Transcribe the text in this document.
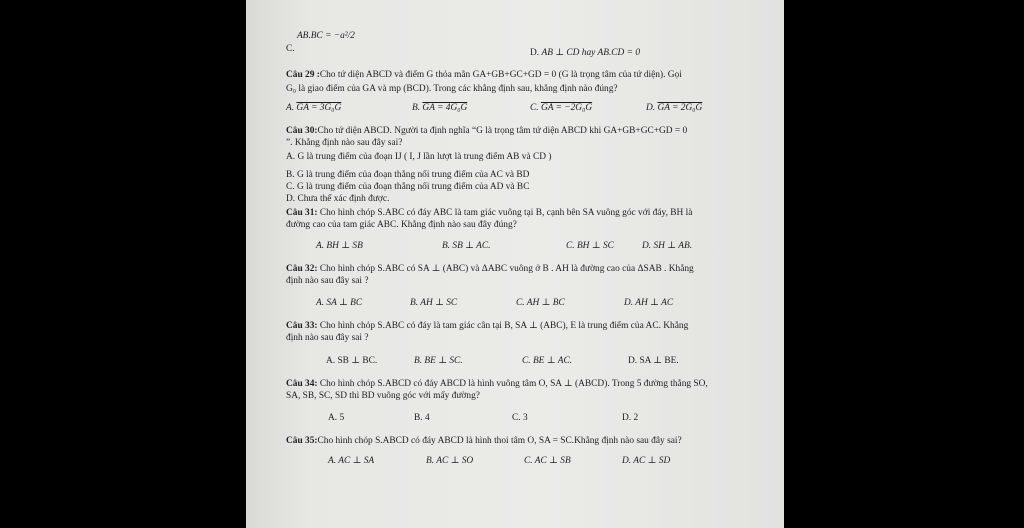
C. AB.BC = −a²/2
D. AB ⊥ CD hay AB.CD = 0
Câu 29 :Cho tứ diện ABCD và điểm G thỏa mãn GA+GB+GC+GD = 0 (G là trọng tâm của tứ diện). Gọi
G₀ là giao điểm của GA và mp (BCD). Trong các khẳng định sau, khẳng định nào đúng?
A. GA = 3G₀G	B. GA = 4G₀G	C. GA = −2G₀G	D. GA = 2G₀G
Câu 30:Cho tứ diện ABCD. Người ta định nghĩa “G là trọng tâm tứ diện ABCD khi GA+GB+GC+GD = 0
”. Khẳng định nào sau đây sai?
A. G là trung điểm của đoạn IJ ( I, J lần lượt là trung điểm AB và CD )
B. G là trung điểm của đoạn thẳng nối trung điểm của AC và BD
C. G là trung điểm của đoạn thẳng nối trung điểm của AD và BC
D. Chưa thể xác định được.
Câu 31: Cho hình chóp S.ABC có đáy ABC là tam giác vuông tại B, cạnh bên SA vuông góc với đáy, BH là
đường cao của tam giác ABC. Khẳng định nào sau đây đúng?
A. BH ⊥ SB	B. SB ⊥ AC.	C. BH ⊥ SC	D. SH ⊥ AB.
Câu 32: Cho hình chóp S.ABC có SA ⊥ (ABC) và ΔABC vuông ở B . AH là đường cao của ΔSAB . Khẳng
định nào sau đây sai ?
A. SA ⊥ BC	B. AH ⊥ SC	C. AH ⊥ BC	D. AH ⊥ AC
Câu 33: Cho hình chóp S.ABC có đáy là tam giác cân tại B, SA ⊥ (ABC), E là trung điểm của AC. Khẳng
định nào sau đây sai ?
A. SB ⊥ BC.	B. BE ⊥ SC.	C. BE ⊥ AC.	D. SA ⊥ BE.
Câu 34: Cho hình chóp S.ABCD có đáy ABCD là hình vuông tâm O, SA ⊥ (ABCD). Trong 5 đường thẳng SO,
SA, SB, SC, SD thì BD vuông góc với mấy đường?
A. 5	B. 4	C. 3	D. 2
Câu 35:Cho hình chóp S.ABCD có đáy ABCD là hình thoi tâm O, SA = SC.Khẳng định nào sau đây sai?
A. AC ⊥ SA	B. AC ⊥ SO	C. AC ⊥ SB	D. AC ⊥ SD
